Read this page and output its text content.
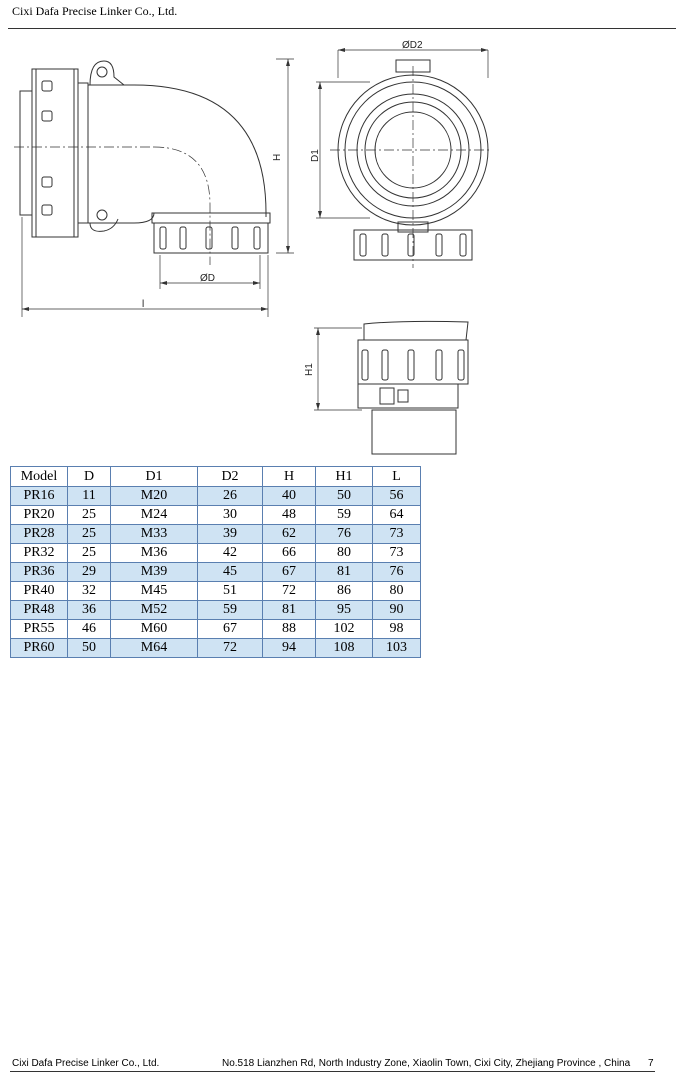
Cixi Dafa Precise Linker Co., Ltd.
H
ØD
l
ØD2
D1
H1
Model	D	D1	D2	H	H1	L
PR16	11	M20	26	40	50	56
PR20	25	M24	30	48	59	64
PR28	25	M33	39	62	76	73
PR32	25	M36	42	66	80	73
PR36	29	M39	45	67	81	76
PR40	32	M45	51	72	86	80
PR48	36	M52	59	81	95	90
PR55	46	M60	67	88	102	98
PR60	50	M64	72	94	108	103
Cixi Dafa Precise Linker Co., Ltd.	No.518 Lianzhen Rd, North Industry Zone, Xiaolin Town, Cixi City, Zhejiang Province , China 7
